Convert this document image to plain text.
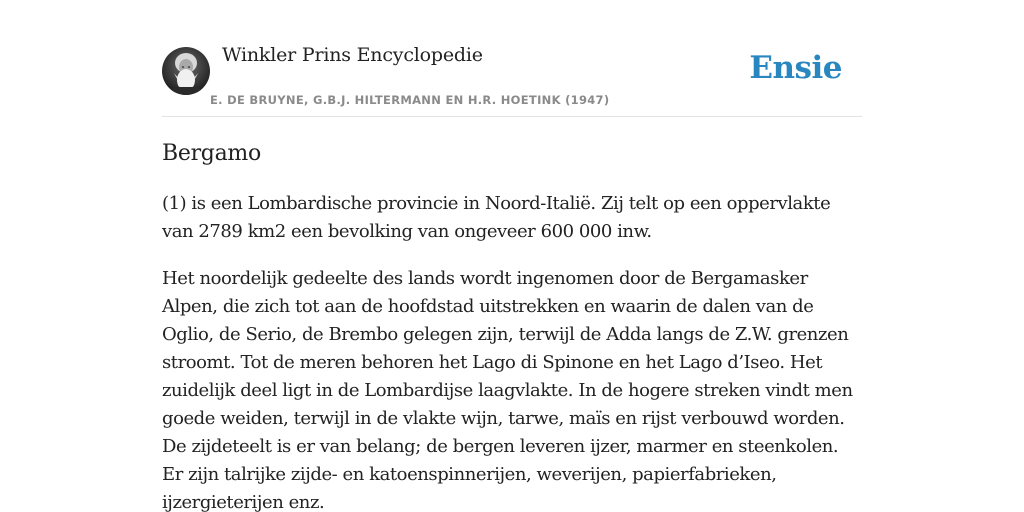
Winkler Prins Encyclopedie
E. DE BRUYNE, G.B.J. HILTERMANN EN H.R. HOETINK (1947)
Ensie
Bergamo

(1) is een Lombardische provincie in Noord-Italië. Zij telt op een oppervlakte van 2789 km2 een bevolking van ongeveer 600 000 inw.

Het noordelijk gedeelte des lands wordt ingenomen door de Bergamasker Alpen, die zich tot aan de hoofdstad uitstrekken en waarin de dalen van de Oglio, de Serio, de Brembo gelegen zijn, terwijl de Adda langs de Z.W. grenzen stroomt. Tot de meren behoren het Lago di Spinone en het Lago d’Iseo. Het zuidelijk deel ligt in de Lombardijse laagvlakte. In de hogere streken vindt men goede weiden, terwijl in de vlakte wijn, tarwe, maïs en rijst verbouwd worden. De zijdeteelt is er van belang; de bergen leveren ijzer, marmer en steenkolen. Er zijn talrijke zijde- en katoenspinnerijen, weverijen, papierfabrieken, ijzergieterijen enz.
